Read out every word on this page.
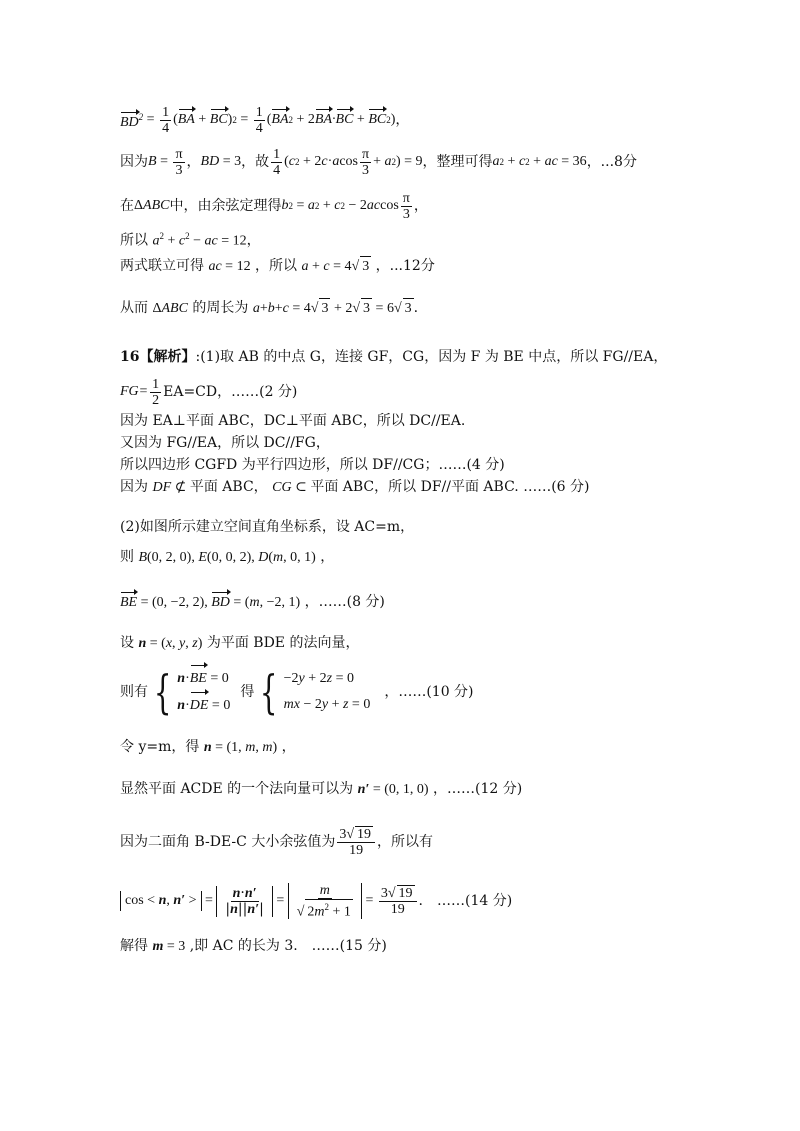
$BD^2 = \frac{1}{4}$ ( BA + BC ) $2 = \frac{1}{4}$ ( BA 2 + 2 BA·BC + BC 2 ) ，
因为 $B = \frac{\pi}{3}$ ， BD = 3 ，故 $\frac{1}{4}$ ( c 2 + 2 c · a $\cos \frac{\pi}{3} + a$ 2 ) = 9 ，整理可得 a 2 + c 2 + ac = 36 ，...8分
在 Δ ABC 中，由余弦定理得 b 2 = a 2 + c 2 − 2 ac $\cos \frac{\pi}{3}$ ，
所以 $a^2 + c^2$ − ac = 12，
两式联立可得 ac = 12 ，所以 a + c = 4√ 3 ，...12分
从而 ΔABC 的周长为 a+b+c = 4√ 3 + 2√ 3 = 6√ 3 .
16【解析】:(1)取 AB 的中点 G，连接 GF，CG，因为 F 为 BE 中点，所以 FG//EA，
$FG= \frac{1}{2} EA=CD$，……(2 分)
因为 EA⊥平面 ABC，DC⊥平面 ABC，所以 DC//EA.
又因为 FG//EA，所以 DC//FG，
所以四边形 CGFD 为平行四边形，所以 DF//CG；……(4 分)
因为 DF ⊄ 平面 ABC， CG ⊂ 平面 ABC，所以 DF//平面 ABC. ……(6 分)
(2)如图所示建立空间直角坐标系，设 AC=m，
则 B(0, 2, 0), E(0, 0, 2), D(m, 0, 1) ，
BE = (0, −2, 2), BD = (m, −2, 1) ，……(8 分)
设 n = (x, y, z) 为平面 BDE 的法向量，
则有 { n·BE = 0
n·DE = 0
得 { −2y + 2z = 0
mx − 2y + z = 0
，……(10 分)
令 y=m，得 n = (1, m, m) ，
显然平面 ACDE 的一个法向量可以为 n′ = (0, 1, 0) ，……(12 分)
因为二面角 B-DE-C 大小余弦值为 $\frac{3√ 19}{19}$ ，所以有
cos < n, n′ > = $\frac{n\cdot n'}{|n||n'|} = \frac{m}{√ 2m^2 + 1} = \frac{3√ 19}{19}$ .　……(14 分)
解得 m = 3 ,即 AC 的长为 3.　……(15 分)
